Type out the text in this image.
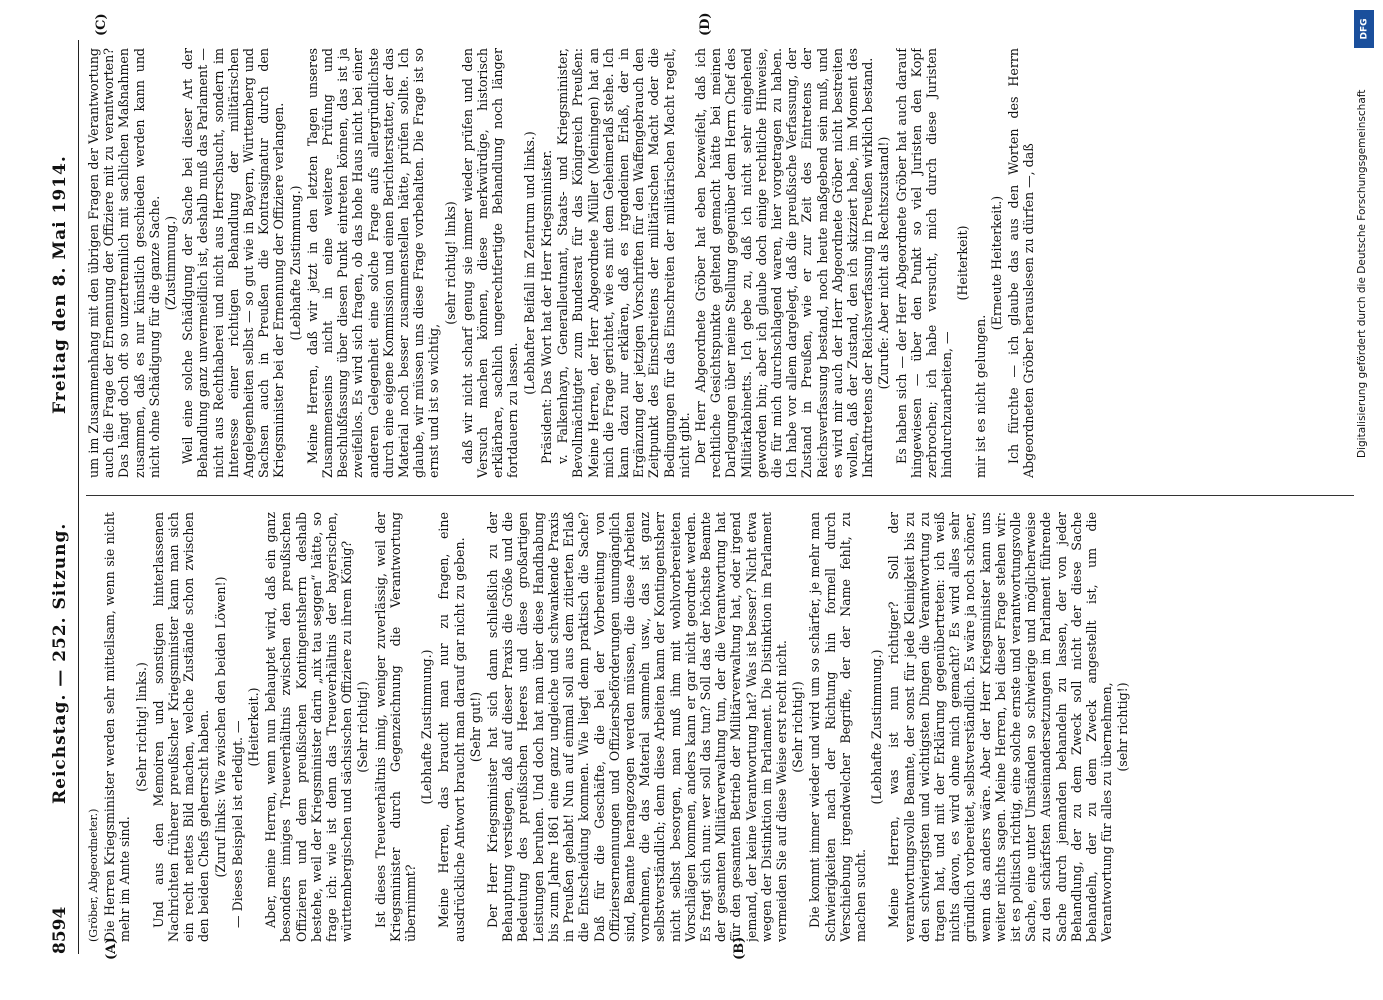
8594
Reichstag. — 252. Sitzung.
Freitag den 8. Mai 1914.
(A)	(B)
(C)	(D)

(Gröber, Abgeordneter.) Die Herren Kriegsminister werden sehr mitteilsam, wenn sie nicht mehr im Amte sind.

(Sehr richtig! links.) Und aus den Memoiren und sonstigen hinterlassenen Nachrichten früherer preußischer Kriegsminister kann man sich ein recht nettes Bild machen, welche Zustände schon zwischen den beiden Chefs geherrscht haben. (Zuruf links: Wie zwischen den beiden Löwen!) — Dieses Beispiel ist erledigt. — (Heiterkeit.) Aber, meine Herren, wenn nun behauptet wird, daß ein ganz besonders inniges Treueverhältnis zwischen den preußischen Offizieren und dem preußischen Kontingentsherrn deshalb bestehe, weil der Kriegsminister darin „nix tau seggen“ hätte, so frage ich: wie ist denn das Treueverhältnis der bayerischen, württembergischen und sächsischen Offiziere zu ihrem König? (Sehr richtig!) Ist dieses Treueverhältnis innig, weniger zuverlässig, weil der Kriegsminister durch Gegenzeichnung die Verantwortung übernimmt?

(Lebhafte Zustimmung.) Meine Herren, das braucht man nur zu fragen, eine ausdrückliche Antwort braucht man darauf gar nicht zu geben. (Sehr gut!) Der Herr Kriegsminister hat sich dann schließlich zu der Behauptung verstiegen, daß auf dieser Praxis die Größe und die Bedeutung des preußischen Heeres und diese großartigen Leistungen beruhen. Und doch hat man über diese Handhabung bis zum Jahre 1861 eine ganz ungleiche und schwankende Praxis in Preußen gehabt! Nun auf einmal soll aus dem zitierten Erlaß die Entscheidung kommen. Wie liegt denn praktisch die Sache? Daß für die Geschäfte, die bei der Vorbereitung von Offiziersernennungen und Offiziersbeförderungen unumgänglich sind, Beamte herangezogen werden müssen, die diese Arbeiten vornehmen, die das Material sammeln usw., das ist ganz selbstverständlich; denn diese Arbeiten kann der Kontingentsherr nicht selbst besorgen, man muß ihm mit wohlvorbereiteten Vorschlägen kommen, anders kann er gar nicht geordnet werden. Es fragt sich nun: wer soll das tun? Soll das der höchste Beamte der gesamten Militärverwaltung tun, der die Verantwortung hat für den gesamten Betrieb der Militärverwaltung hat, oder irgend jemand, der keine Verantwortung hat? Was ist besser? Nicht etwa wegen der Distinktion im Parlament. Die Distinktion im Parlament vermeiden Sie auf diese Weise erst recht nicht. (Sehr richtig!) Die kommt immer wieder und wird um so schärfer, je mehr man Schwierigkeiten nach der Richtung hin formell durch Verschiebung irgendwelcher Begriffe, der der Name fehlt, zu machen sucht.

(Lebhafte Zustimmung.) Meine Herren, was ist nun richtiger? Soll der verantwortungsvolle Beamte, der sonst für jede Kleinigkeit bis zu den schwierigsten und wichtigsten Dingen die Verantwortung zu tragen hat, und mit der Erklärung gegenübertreten: ich weiß nichts davon, es wird ohne mich gemacht? Es wird alles sehr gründlich vorbereitet, selbstverständlich. Es wäre ja noch schöner, wenn das anders wäre. Aber der Herr Kriegsminister kann uns weiter nichts sagen. Meine Herren, bei dieser Frage stehen wir: ist es politisch richtig, eine solche ernste und verantwortungsvolle Sache, eine unter Umständen so schwierige und möglicherweise zu den schärfsten Auseinandersetzungen im Parlament führende Sache durch jemanden behandeln zu lassen, der von jeder Behandlung, der zu dem Zweck soll nicht der diese Sache behandeln, der zu dem Zweck angestellt ist, um die Verantwortung für alles zu übernehmen, (sehr richtig!)

um im Zusammenhang mit den übrigen Fragen der Verantwortung auch die Frage der Ernennung der Offiziere mit zu verantworten? Das hängt doch oft so unzertrennlich mit sachlichen Maßnahmen zusammen, daß es nur künstlich geschieden werden kann und nicht ohne Schädigung für die ganze Sache. (Zustimmung.) Weil eine solche Schädigung der Sache bei dieser Art der Behandlung ganz unvermeidlich ist, deshalb muß das Parlament — nicht aus Rechthaberei und nicht aus Herrschsucht, sondern im Interesse einer richtigen Behandlung der militärischen Angelegenheiten selbst — so gut wie in Bayern, Württemberg und Sachsen auch in Preußen die Kontrasignatur durch den Kriegsminister bei der Ernennung der Offiziere verlangen. (Lebhafte Zustimmung.) Meine Herren, daß wir jetzt in den letzten Tagen unseres Zusammenseins nicht in eine weitere Prüfung und Beschlußfassung über diesen Punkt eintreten können, das ist ja zweifellos. Es wird sich fragen, ob das hohe Haus nicht bei einer anderen Gelegenheit eine solche Frage aufs allergründlichste durch eine eigene Kommission und einen Berichterstatter, der das Material noch besser zusammenstellen hätte, prüfen sollte. Ich glaube, wir müssen uns diese Frage vorbehalten. Die Frage ist so ernst und ist so wichtig,

(sehr richtig! links) daß wir nicht scharf genug sie immer wieder prüfen und den Versuch machen können, diese merkwürdige, historisch erklärbare, sachlich ungerechtfertigte Behandlung noch länger fortdauern zu lassen.

(Lebhafter Beifall im Zentrum und links.) Präsident: Das Wort hat der Herr Kriegsminister. v. Falkenhayn, Generalleutnant, Staats- und Kriegsminister, Bevollmächtigter zum Bundesrat für das Königreich Preußen: Meine Herren, der Herr Abgeordnete Müller (Meiningen) hat an mich die Frage gerichtet, wie es mit dem Geheimerlaß stehe. Ich kann dazu nur erklären, daß es irgendeinen Erlaß, der in Ergänzung der jetzigen Vorschriften für den Waffengebrauch den Zeitpunkt des Einschreitens der militärischen Macht oder die Bedingungen für das Einschreiten der militärischen Macht regelt, nicht gibt. Der Herr Abgeordnete Gröber hat eben bezweifelt, daß ich rechtliche Gesichtspunkte geltend gemacht hätte bei meinen Darlegungen über meine Stellung gegenüber dem Herrn Chef des Militärkabinetts. Ich gebe zu, daß ich nicht sehr eingehend geworden bin; aber ich glaube doch einige rechtliche Hinweise, die für mich durchschlagend waren, hier vorgetragen zu haben. Ich habe vor allem dargelegt, daß die preußische Verfassung, der Zustand in Preußen, wie er zur Zeit des Eintretens der Reichsverfassung bestand, noch heute maßgebend sein muß, und es wird mir auch der Herr Abgeordnete Gröber nicht bestreiten wollen, daß der Zustand, den ich skizziert habe, im Moment des Inkrafttretens der Reichsverfassung in Preußen wirklich bestand. (Zurufe: Aber nicht als Rechtszustand!) Es haben sich — der Herr Abgeordnete Gröber hat auch darauf hingewiesen — über den Punkt so viel Juristen den Kopf zerbrochen; ich habe versucht, mich durch diese Juristen hindurchzuarbeiten, —

(Heiterkeit)

mir ist es nicht gelungen.

(Erneute Heiterkeit.) Ich fürchte — ich glaube das aus den Worten des Herrn Abgeordneten Gröber herauslesen zu dürfen —, daß

DFG
Digitalisierung gefördert durch die Deutsche Forschungsgemeinschaft
